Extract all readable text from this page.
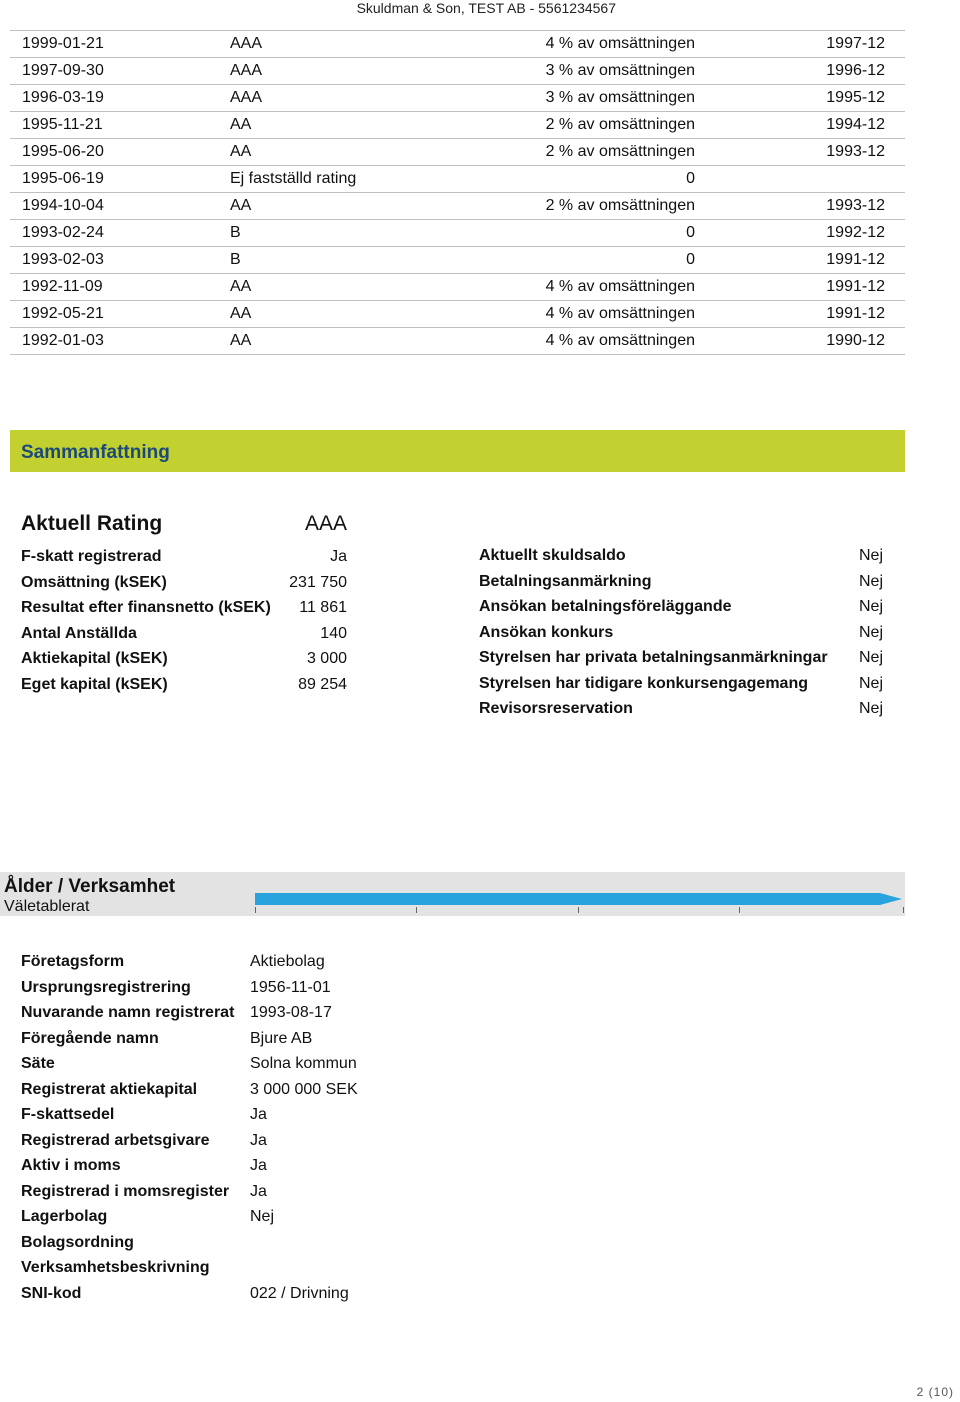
Skuldman & Son, TEST AB - 5561234567
1999-01-21	AAA	4 % av omsättningen	1997-12
1997-09-30	AAA	3 % av omsättningen	1996-12
1996-03-19	AAA	3 % av omsättningen	1995-12
1995-11-21	AA	2 % av omsättningen	1994-12
1995-06-20	AA	2 % av omsättningen	1993-12
1995-06-19	Ej fastställd rating	0	
1994-10-04	AA	2 % av omsättningen	1993-12
1993-02-24	B	0	1992-12
1993-02-03	B	0	1991-12
1992-11-09	AA	4 % av omsättningen	1991-12
1992-05-21	AA	4 % av omsättningen	1991-12
1992-01-03	AA	4 % av omsättningen	1990-12
Sammanfattning
Aktuell Rating	AAA
F-skatt registrerad	Ja
Omsättning (kSEK)	231 750
Resultat efter finansnetto (kSEK) 11 861
Antal Anställda	140
Aktiekapital (kSEK)	3 000
Eget kapital (kSEK)	89 254
Aktuellt skuldsaldo	Nej
Betalningsanmärkning	Nej
Ansökan betalningsföreläggande	Nej
Ansökan konkurs	Nej
Styrelsen har privata betalningsanmärkningar Nej
Styrelsen har tidigare konkursengagemang	Nej
Revisorsreservation	Nej
Ålder / Verksamhet
Väletablerat
Företagsform	Aktiebolag
Ursprungsregistrering	1956-11-01
Nuvarande namn registrerat 1993-08-17
Föregående namn	Bjure AB
Säte	Solna kommun
Registrerat aktiekapital	3 000 000 SEK
F-skattsedel	Ja
Registrerad arbetsgivare	Ja
Aktiv i moms	Ja
Registrerad i momsregister	Ja
Lagerbolag	Nej
Bolagsordning
Verksamhetsbeskrivning
SNI-kod	022 / Drivning
2 (10)
